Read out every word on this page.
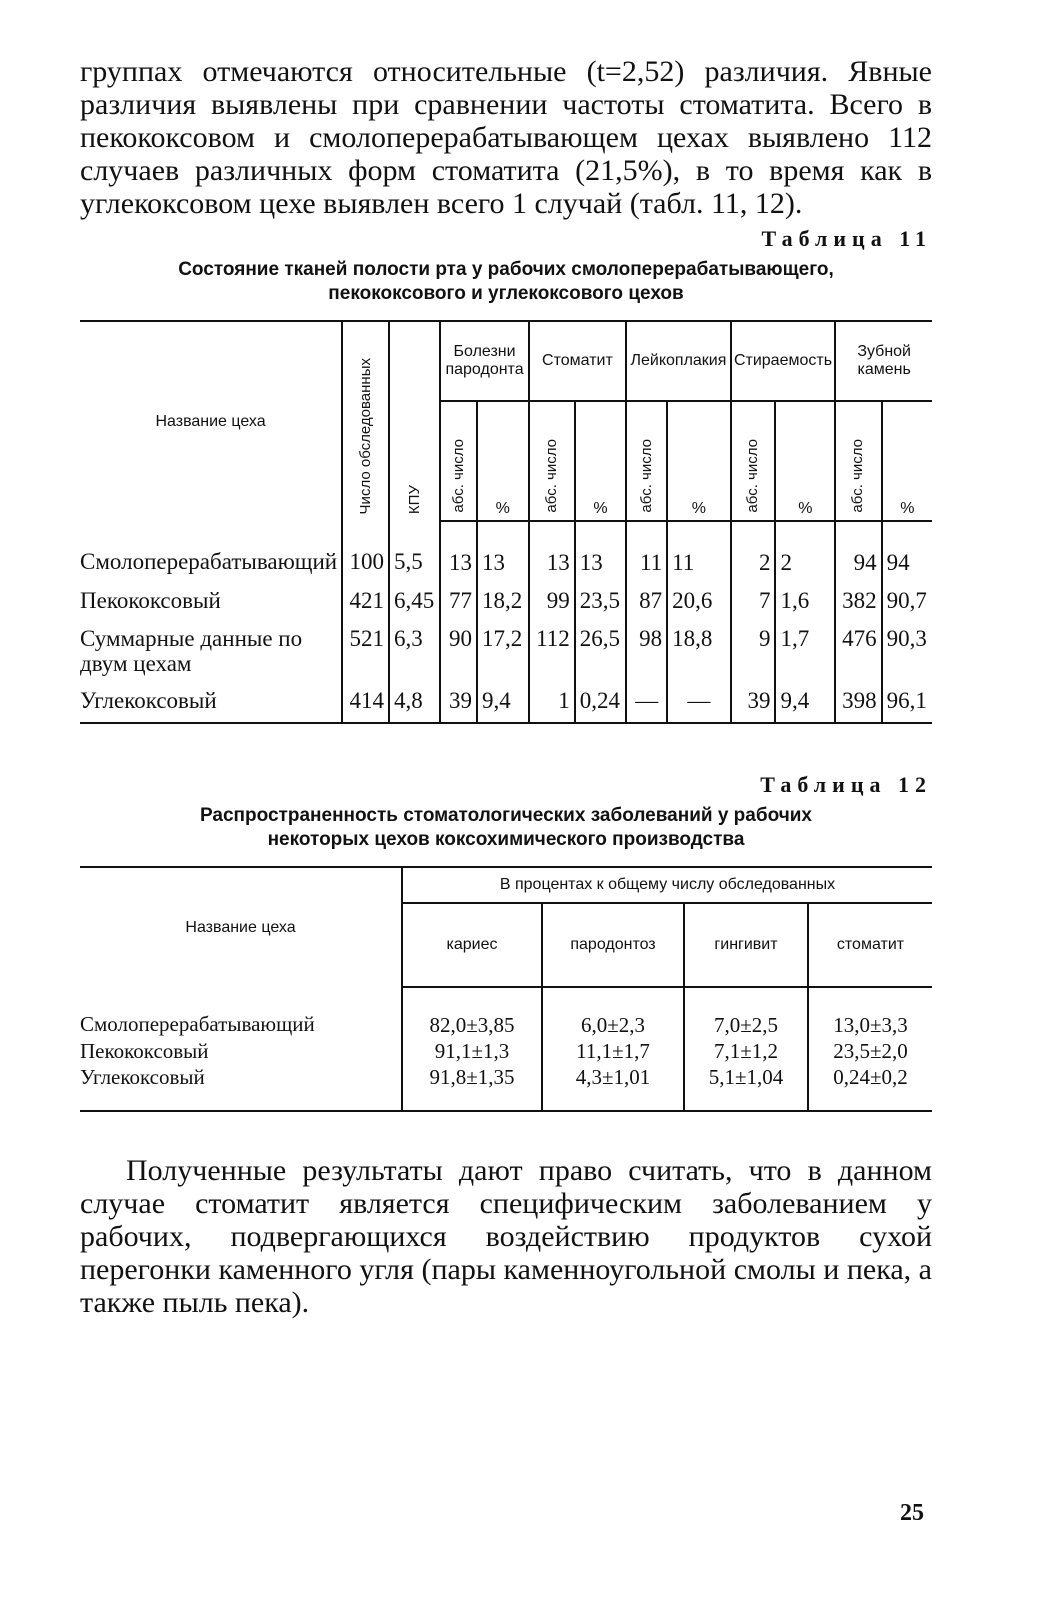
группах отмечаются относительные (t=2,52) различия. Явные различия выявлены при сравнении частоты стоматита. Всего в пекококсовом и смолоперерабатывающем цехах выявлено 112 случаев различных форм стоматита (21,5%), в то время как в углекоксовом цехе выявлен всего 1 случай (табл. 11, 12).

Таблица 11
Состояние тканей полости рта у рабочих смолоперерабатывающего,
пекококсового и углекоксового цехов
Название цеха	Число обследованных	КПУ	Болезни пародонта		Стоматит		Лейкоплакия		Стираемость		Зубной камень	
			абс. число	%	абс. число	%	абс. число	%	абс. число	%	абс. число	%
Смолоперерабатывающий	100	5,5	13	13	13	13	11	11	2	2	94	94
Пекококсовый	421	6,45	77	18,2	99	23,5	87	20,6	7	1,6	382	90,7
Суммарные данные по двум цехам	521	6,3	90	17,2	112	26,5	98	18,8	9	1,7	476	90,3
Углекоксовый	414	4,8	39	9,4	1	0,24	—	—	39	9,4	398	96,1
Таблица 12
Распространенность стоматологических заболеваний у рабочих
некоторых цехов коксохимического производства
Название цеха	В процентах к общему числу обследованных			
	кариес	пародонтоз	гингивит	стоматит
Смолоперерабатывающий	82,0±3,85	6,0±2,3	7,0±2,5	13,0±3,3
Пекококсовый	91,1±1,3	11,1±1,7	7,1±1,2	23,5±2,0
Углекоксовый	91,8±1,35	4,3±1,01	5,1±1,04	0,24±0,2

Полученные результаты дают право считать, что в данном случае стоматит является специфическим заболеванием у рабочих, подвергающихся воздействию продуктов сухой перегонки каменного угля (пары каменноугольной смолы и пека, а также пыль пека).

25
